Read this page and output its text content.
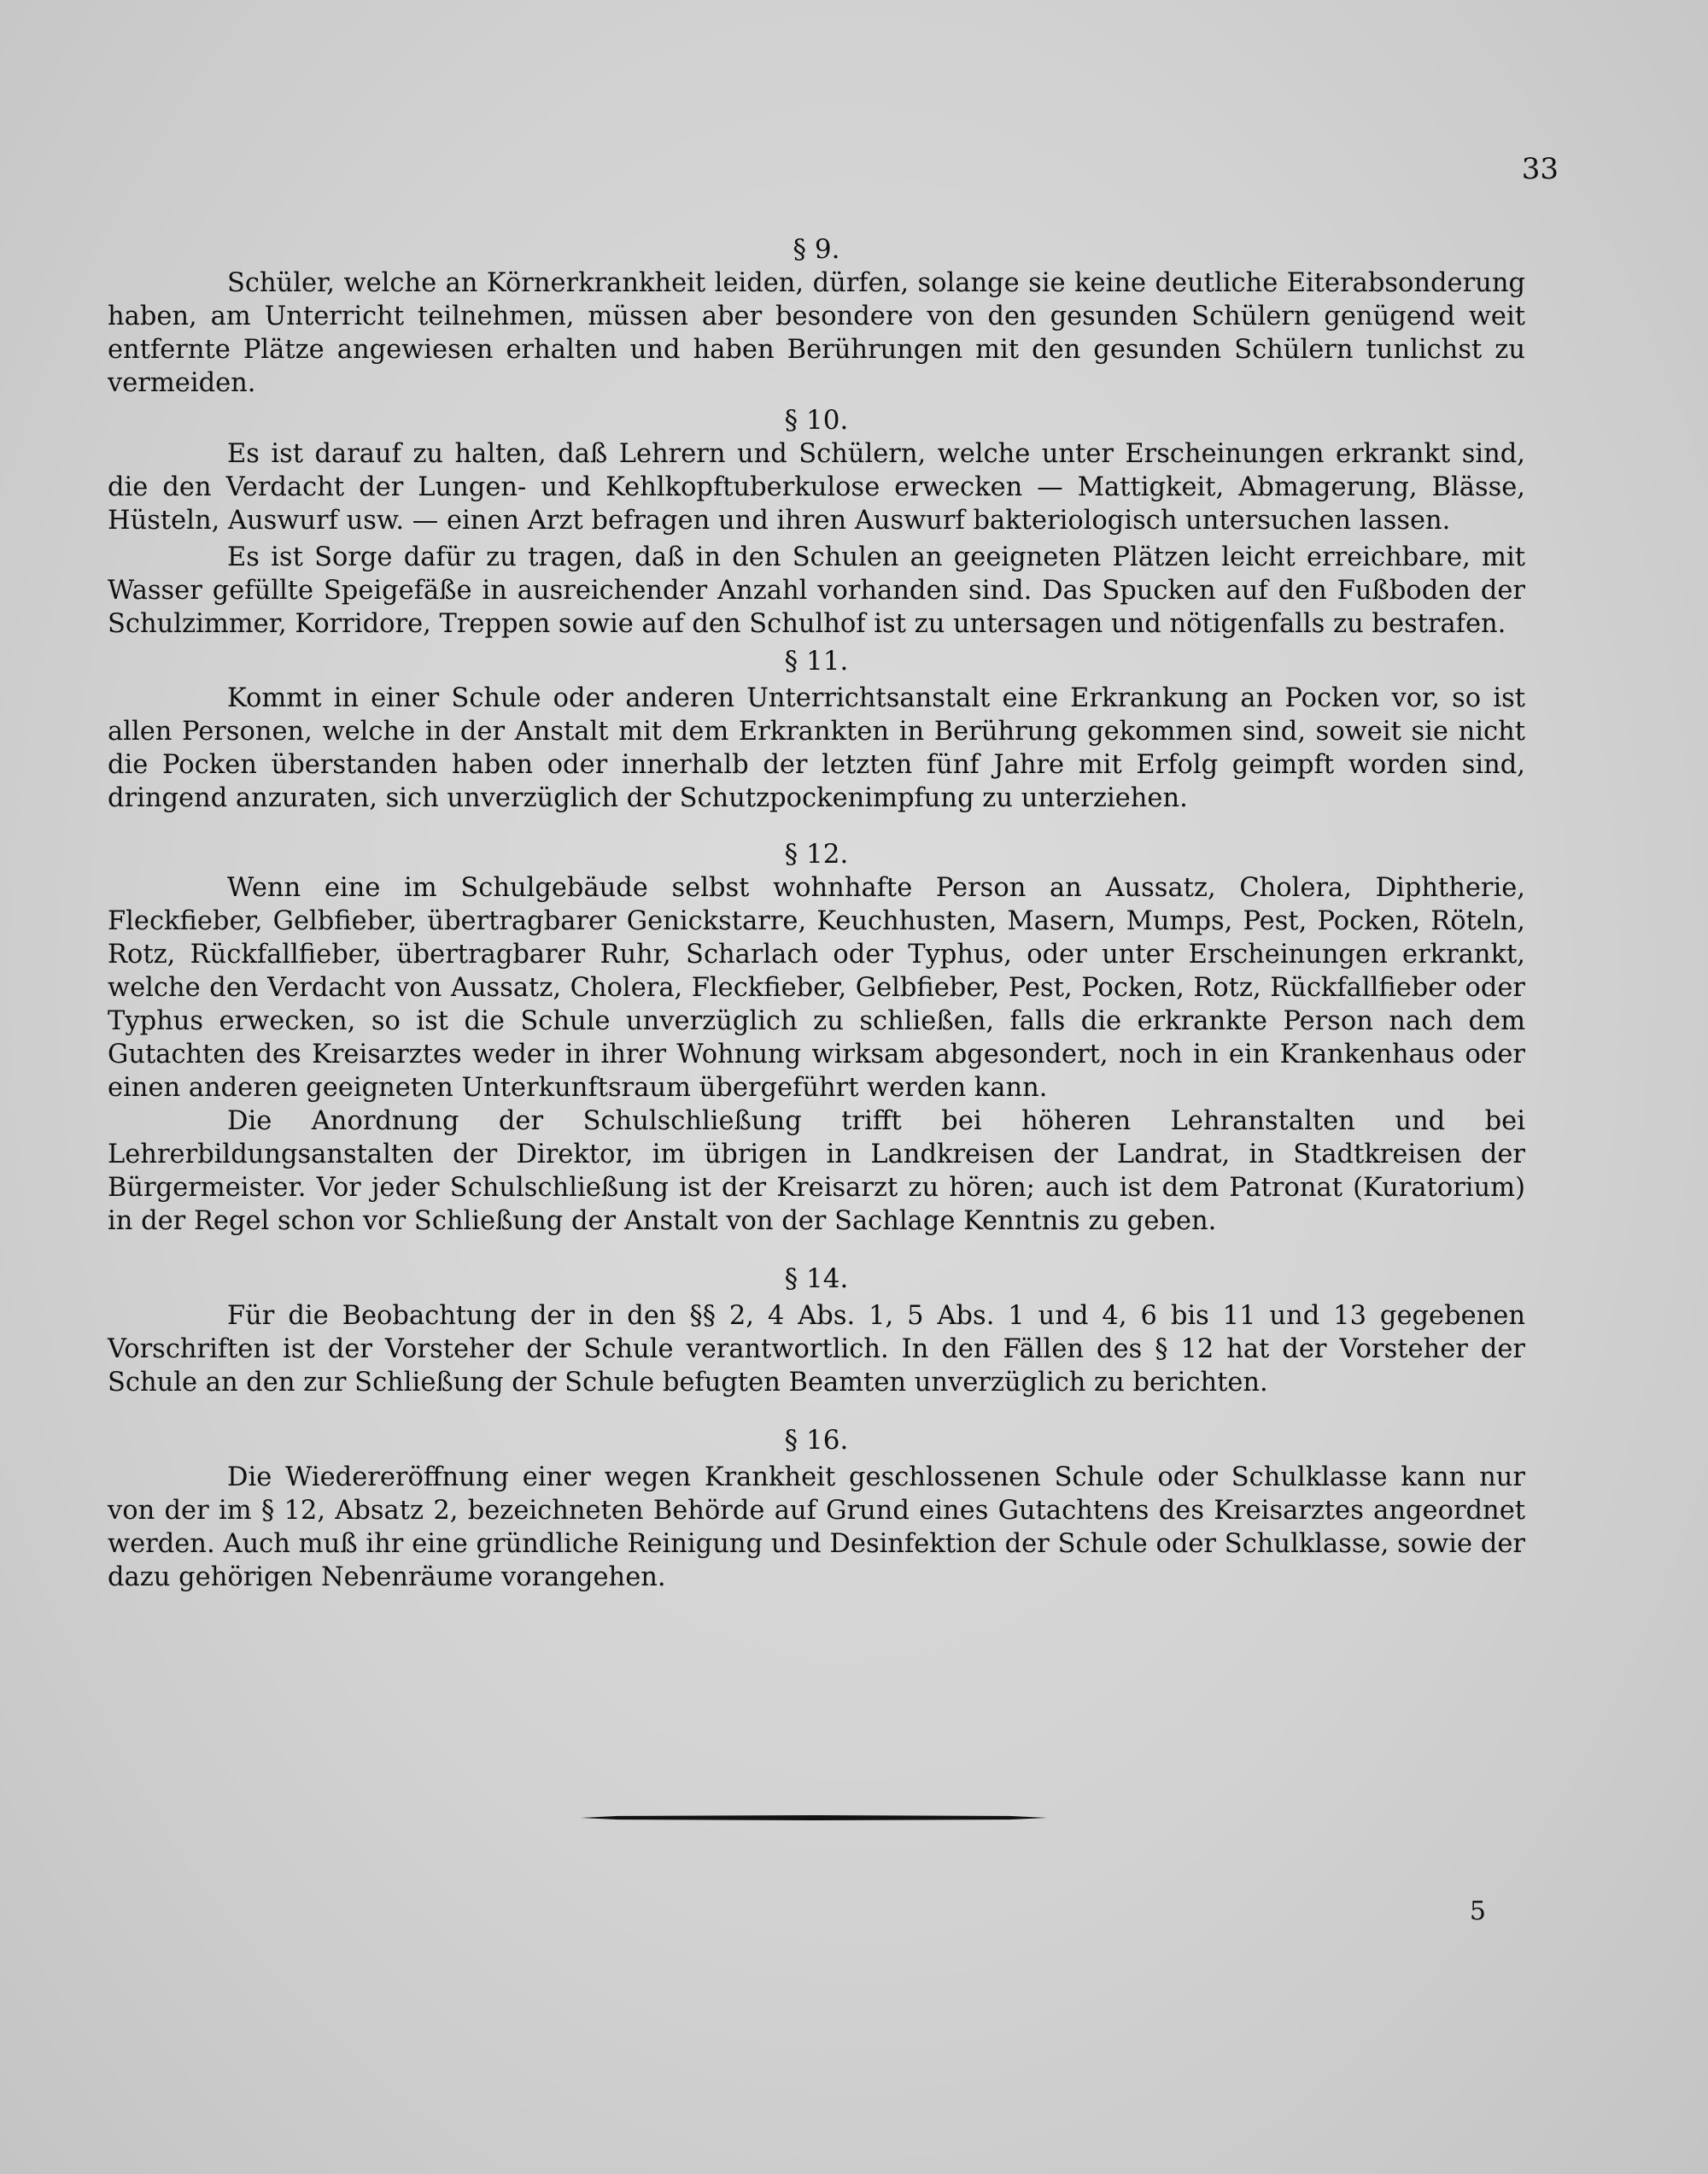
33
§ 9.

Schüler, welche an Körnerkrankheit leiden, dürfen, solange sie keine deutliche Eiterabsonderung haben, am Unterricht teilnehmen, müssen aber besondere von den gesunden Schülern genügend weit entfernte Plätze angewiesen erhalten und haben Berührungen mit den gesunden Schülern tunlichst zu vermeiden.

§ 10.

Es ist darauf zu halten, daß Lehrern und Schülern, welche unter Erscheinungen erkrankt sind, die den Verdacht der Lungen- und Kehlkopftuberkulose erwecken — Mattigkeit, Abmagerung, Blässe, Hüsteln, Auswurf usw. — einen Arzt befragen und ihren Auswurf bakteriologisch untersuchen lassen.

Es ist Sorge dafür zu tragen, daß in den Schulen an geeigneten Plätzen leicht erreichbare, mit Wasser gefüllte Speigefäße in ausreichender Anzahl vorhanden sind. Das Spucken auf den Fußboden der Schulzimmer, Korridore, Treppen sowie auf den Schulhof ist zu untersagen und nötigenfalls zu bestrafen.

§ 11.

Kommt in einer Schule oder anderen Unterrichtsanstalt eine Erkrankung an Pocken vor, so ist allen Personen, welche in der Anstalt mit dem Erkrankten in Berührung gekommen sind, soweit sie nicht die Pocken überstanden haben oder innerhalb der letzten fünf Jahre mit Erfolg geimpft worden sind, dringend anzuraten, sich unverzüglich der Schutzpockenimpfung zu unterziehen.

§ 12.

Wenn eine im Schulgebäude selbst wohnhafte Person an Aussatz, Cholera, Diphtherie, Fleckfieber, Gelbfieber, übertragbarer Genickstarre, Keuchhusten, Masern, Mumps, Pest, Pocken, Röteln, Rotz, Rückfallfieber, übertragbarer Ruhr, Scharlach oder Typhus, oder unter Erscheinungen erkrankt, welche den Verdacht von Aussatz, Cholera, Fleckfieber, Gelbfieber, Pest, Pocken, Rotz, Rückfallfieber oder Typhus erwecken, so ist die Schule unverzüglich zu schließen, falls die erkrankte Person nach dem Gutachten des Kreisarztes weder in ihrer Wohnung wirksam abgesondert, noch in ein Krankenhaus oder einen anderen geeigneten Unterkunftsraum übergeführt werden kann.

Die Anordnung der Schulschließung trifft bei höheren Lehranstalten und bei Lehrerbildungsanstalten der Direktor, im übrigen in Landkreisen der Landrat, in Stadtkreisen der Bürgermeister. Vor jeder Schulschließung ist der Kreisarzt zu hören; auch ist dem Patronat (Kuratorium) in der Regel schon vor Schließung der Anstalt von der Sachlage Kenntnis zu geben.

§ 14.

Für die Beobachtung der in den §§ 2, 4 Abs. 1, 5 Abs. 1 und 4, 6 bis 11 und 13 gegebenen Vorschriften ist der Vorsteher der Schule verantwortlich. In den Fällen des § 12 hat der Vorsteher der Schule an den zur Schließung der Schule befugten Beamten unverzüglich zu berichten.

§ 16.

Die Wiedereröffnung einer wegen Krankheit geschlossenen Schule oder Schulklasse kann nur von der im § 12, Absatz 2, bezeichneten Behörde auf Grund eines Gutachtens des Kreisarztes angeordnet werden. Auch muß ihr eine gründliche Reinigung und Desinfektion der Schule oder Schulklasse, sowie der dazu gehörigen Nebenräume vorangehen.

5
